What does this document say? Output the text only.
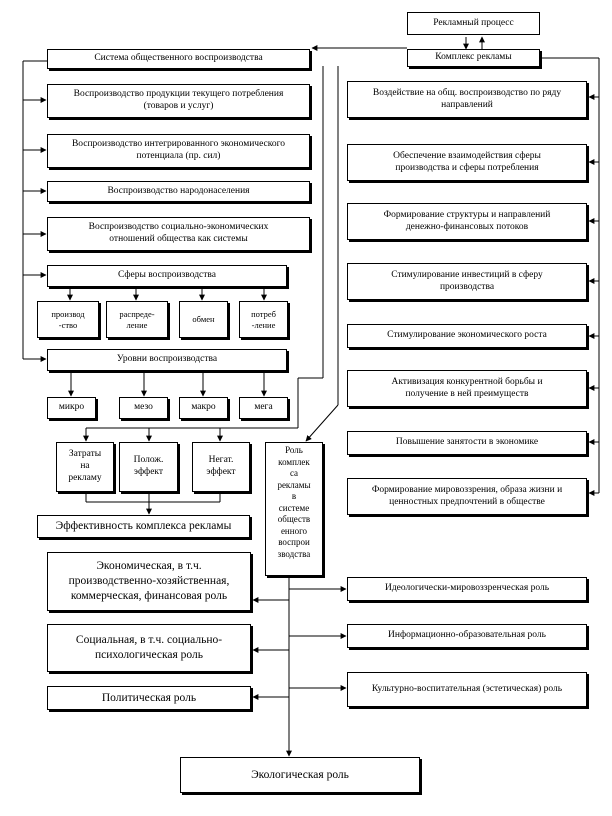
Рекламный процесс
Комплекс рекламы
Система общественного воспроизводства
Воспроизводство продукции текущего потребления
(товаров и услуг)
Воспроизводство интегрированного экономического
потенциала (пр. сил)
Воспроизводство народонаселения
Воспроизводство социально-экономических
отношений общества как системы
Сферы воспроизводства
производ
-ство
распреде-
ление
обмен
потреб
-ление
Уровни воспроизводства
микро	мезо	макро	мега
Затраты
на
рекламу
Полож.
эффект
Негат.
эффект
Эффективность комплекса рекламы
Роль
комплек
са
рекламы
в
системе
обществ
енного
воспрои
зводства
Воздействие на общ. воспроизводство по ряду
направлений
Обеспечение взаимодействия сферы
производства и сферы потребления
Формирование структуры и направлений
денежно-финансовых потоков
Стимулирование инвестиций в сферу
производства
Стимулирование экономического роста
Активизация конкурентной борьбы и
получение в ней преимуществ
Повышение занятости в экономике
Формирование мировоззрения, образа жизни и
ценностных предпочтений в обществе
Экономическая, в т.ч.
производственно-хозяйственная,
коммерческая, финансовая роль
Социальная, в т.ч. социально-
психологическая роль
Политическая роль
Идеологически-мировоззренческая роль
Информационно-образовательная роль
Культурно-воспитательная (эстетическая) роль
Экологическая роль
